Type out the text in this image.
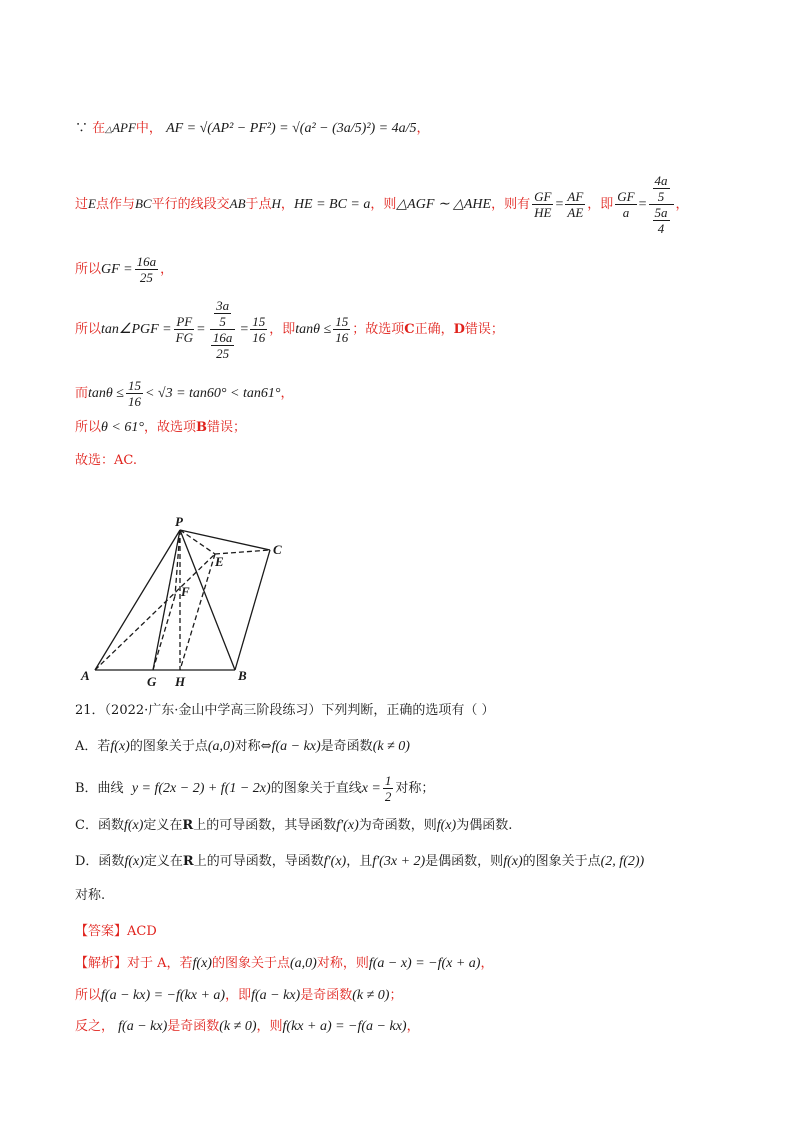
∵ 在△APF中， AF = √(AP² − PF²) = √(a² − (3a/5)²) = 4a/5，
过E点作与BC平行的线段交AB于点H，HE = BC = a，则△AGF ∼ △AHE，则有 $\frac{GF}{HE} = \frac{AF}{AE}$ ，即 $\frac{GF}{a} = \frac{\frac{4a}{5}}{\frac{5a}{4}}$ ，
所以GF = $\frac{16a}{25}$ ，
所以tan∠PGF = $\frac{PF}{FG} = \frac{\frac{3a}{5}}{\frac{16a}{25}} = \frac{15}{16}$ ，即$\tan\theta \le \frac{15}{16}$ ；故选项C正确，D错误；
而$\tan\theta \le \frac{15}{16} < √3 = \tan 60^\circ < \tan 61^\circ$，
所以θ < 61°，故选项B错误；
故选：AC.
P
C
E
F
A	G H	B
21．（2022·广东·金山中学高三阶段练习）下列判断，正确的选项有（ ）
A．若f(x)的图象关于点(a,0)对称⇔f(a − kx)是奇函数(k ≠ 0)
B．曲线 y = f(2x − 2) + f(1 − 2x)的图象关于直线$x = \frac{1}{2}$ 对称；
C．函数f(x)定义在R上的可导函数，其导函数f′(x)为奇函数，则f(x)为偶函数.
D．函数f(x)定义在R上的可导函数，导函数f′(x)，且f′(3x + 2)是偶函数，则f(x)的图象关于点(2, f(2))
对称.
【答案】ACD
【解析】对于 A，若f(x)的图象关于点(a,0)对称，则f(a − x) = −f(x + a)，
所以f(a − kx) = −f(kx + a)，即f(a − kx)是奇函数(k ≠ 0)；
反之， f(a − kx)是奇函数(k ≠ 0)，则f(kx + a) = −f(a − kx)，
